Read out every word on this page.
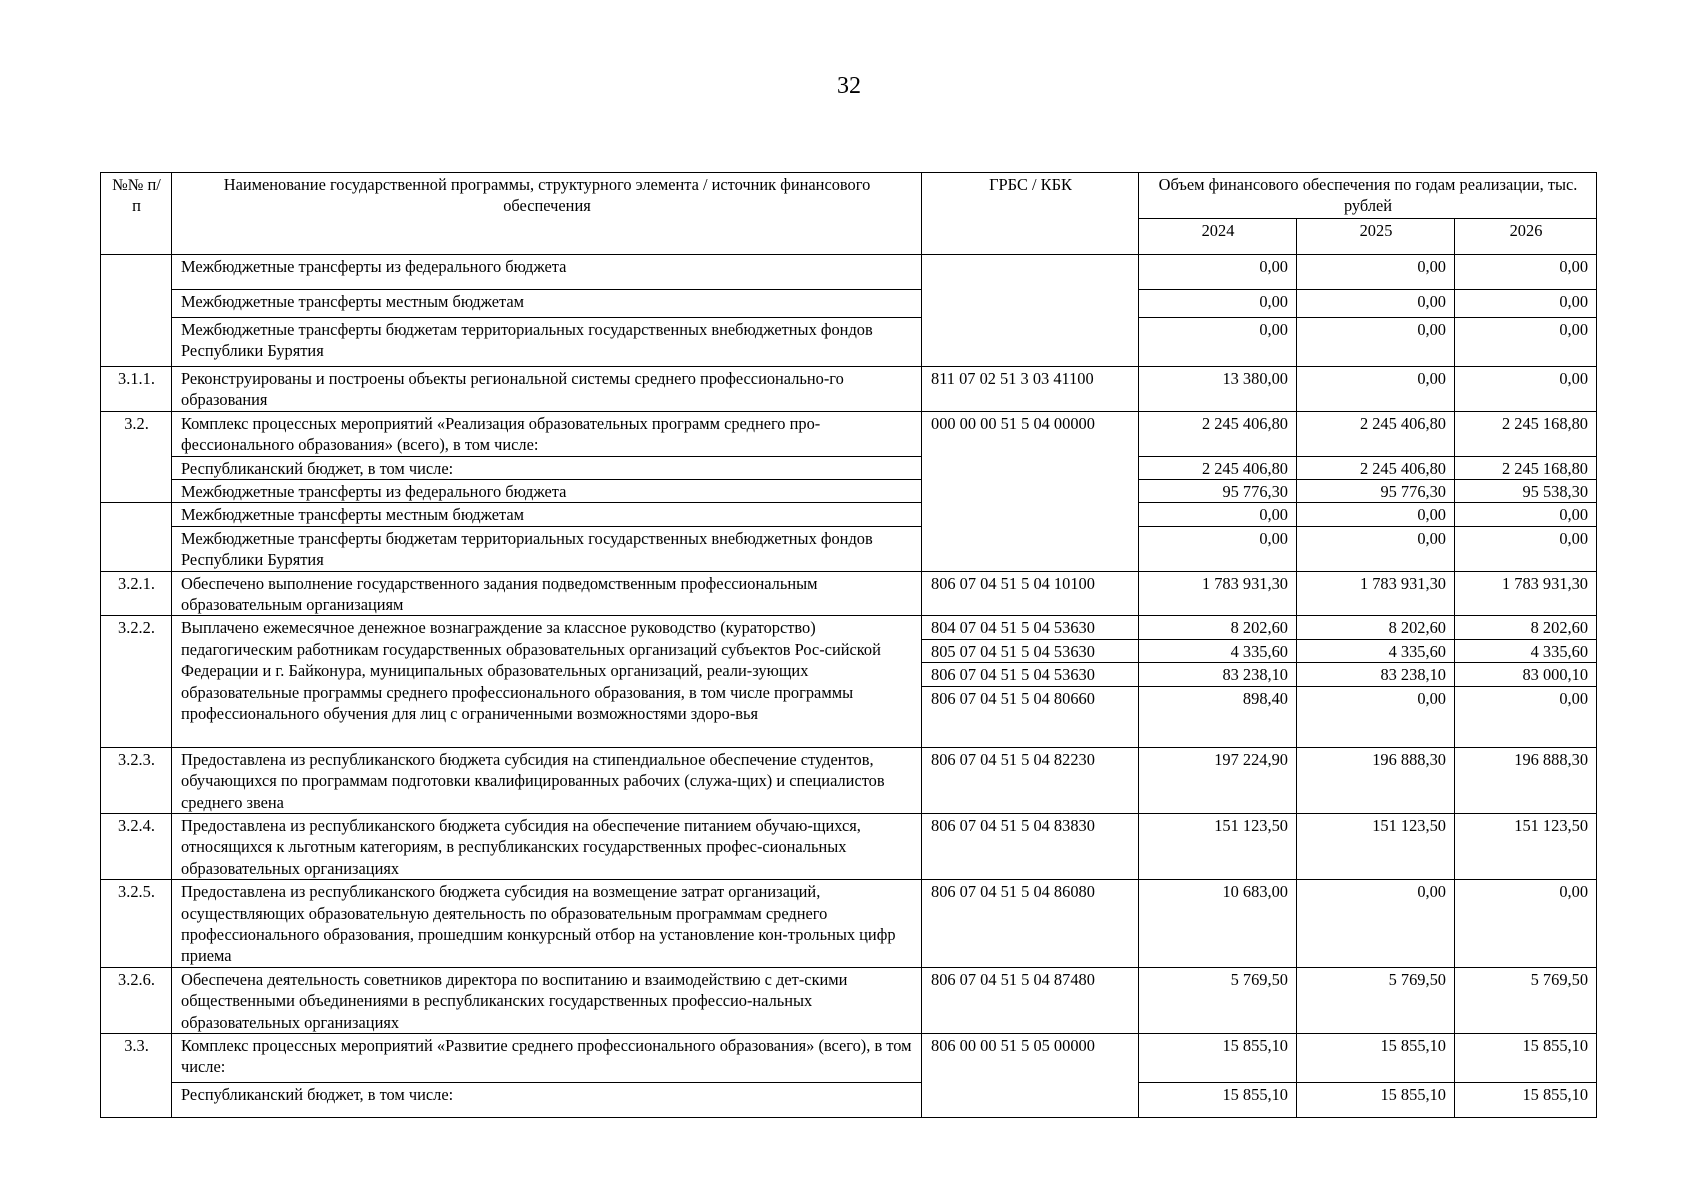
32
№№ п/п	Наименование государственной программы, структурного элемента / источник финансового обеспечения	ГРБС / КБК	Объем финансового обеспечения по годам реализации, тыс. рублей		
			2024	2025	2026
	Межбюджетные трансферты из федерального бюджета		0,00	0,00	0,00
	Межбюджетные трансферты местным бюджетам		0,00	0,00	0,00
	Межбюджетные трансферты бюджетам территориальных государственных внебюджетных фондов Республики Бурятия		0,00	0,00	0,00
3.1.1.	Реконструированы и построены объекты региональной системы среднего профессионально-го образования	811 07 02 51 3 03 41100	13 380,00	0,00	0,00
3.2.	Комплекс процессных мероприятий «Реализация образовательных программ среднего про-фессионального образования» (всего), в том числе:	000 00 00 51 5 04 00000	2 245 406,80	2 245 406,80	2 245 168,80
	Республиканский бюджет, в том числе:		2 245 406,80	2 245 406,80	2 245 168,80
	Межбюджетные трансферты из федерального бюджета		95 776,30	95 776,30	95 538,30
	Межбюджетные трансферты местным бюджетам		0,00	0,00	0,00
	Межбюджетные трансферты бюджетам территориальных государственных внебюджетных фондов Республики Бурятия		0,00	0,00	0,00
3.2.1.	Обеспечено выполнение государственного задания подведомственным профессиональным образовательным организациям	806 07 04 51 5 04 10100	1 783 931,30	1 783 931,30	1 783 931,30
3.2.2.	Выплачено ежемесячное денежное вознаграждение за классное руководство (кураторство) педагогическим работникам государственных образовательных организаций субъектов Рос-сийской Федерации и г. Байконура, муниципальных образовательных организаций, реали-зующих образовательные программы среднего профессионального образования, в том числе программы профессионального обучения для лиц с ограниченными возможностями здоро-вья	804 07 04 51 5 04 53630	8 202,60	8 202,60	8 202,60
		805 07 04 51 5 04 53630	4 335,60	4 335,60	4 335,60
		806 07 04 51 5 04 53630	83 238,10	83 238,10	83 000,10
		806 07 04 51 5 04 80660	898,40	0,00	0,00
3.2.3.	Предоставлена из республиканского бюджета субсидия на стипендиальное обеспечение студентов, обучающихся по программам подготовки квалифицированных рабочих (служа-щих) и специалистов среднего звена	806 07 04 51 5 04 82230	197 224,90	196 888,30	196 888,30
3.2.4.	Предоставлена из республиканского бюджета субсидия на обеспечение питанием обучаю-щихся, относящихся к льготным категориям, в республиканских государственных профес-сиональных образовательных организациях	806 07 04 51 5 04 83830	151 123,50	151 123,50	151 123,50
3.2.5.	Предоставлена из республиканского бюджета субсидия на возмещение затрат организаций, осуществляющих образовательную деятельность по образовательным программам среднего профессионального образования, прошедшим конкурсный отбор на установление кон-трольных цифр приема	806 07 04 51 5 04 86080	10 683,00	0,00	0,00
3.2.6.	Обеспечена деятельность советников директора по воспитанию и взаимодействию с дет-скими общественными объединениями в республиканских государственных профессио-нальных образовательных организациях	806 07 04 51 5 04 87480	5 769,50	5 769,50	5 769,50
3.3.	Комплекс процессных мероприятий «Развитие среднего профессионального образования» (всего), в том числе:	806 00 00 51 5 05 00000	15 855,10	15 855,10	15 855,10
	Республиканский бюджет, в том числе:		15 855,10	15 855,10	15 855,10
